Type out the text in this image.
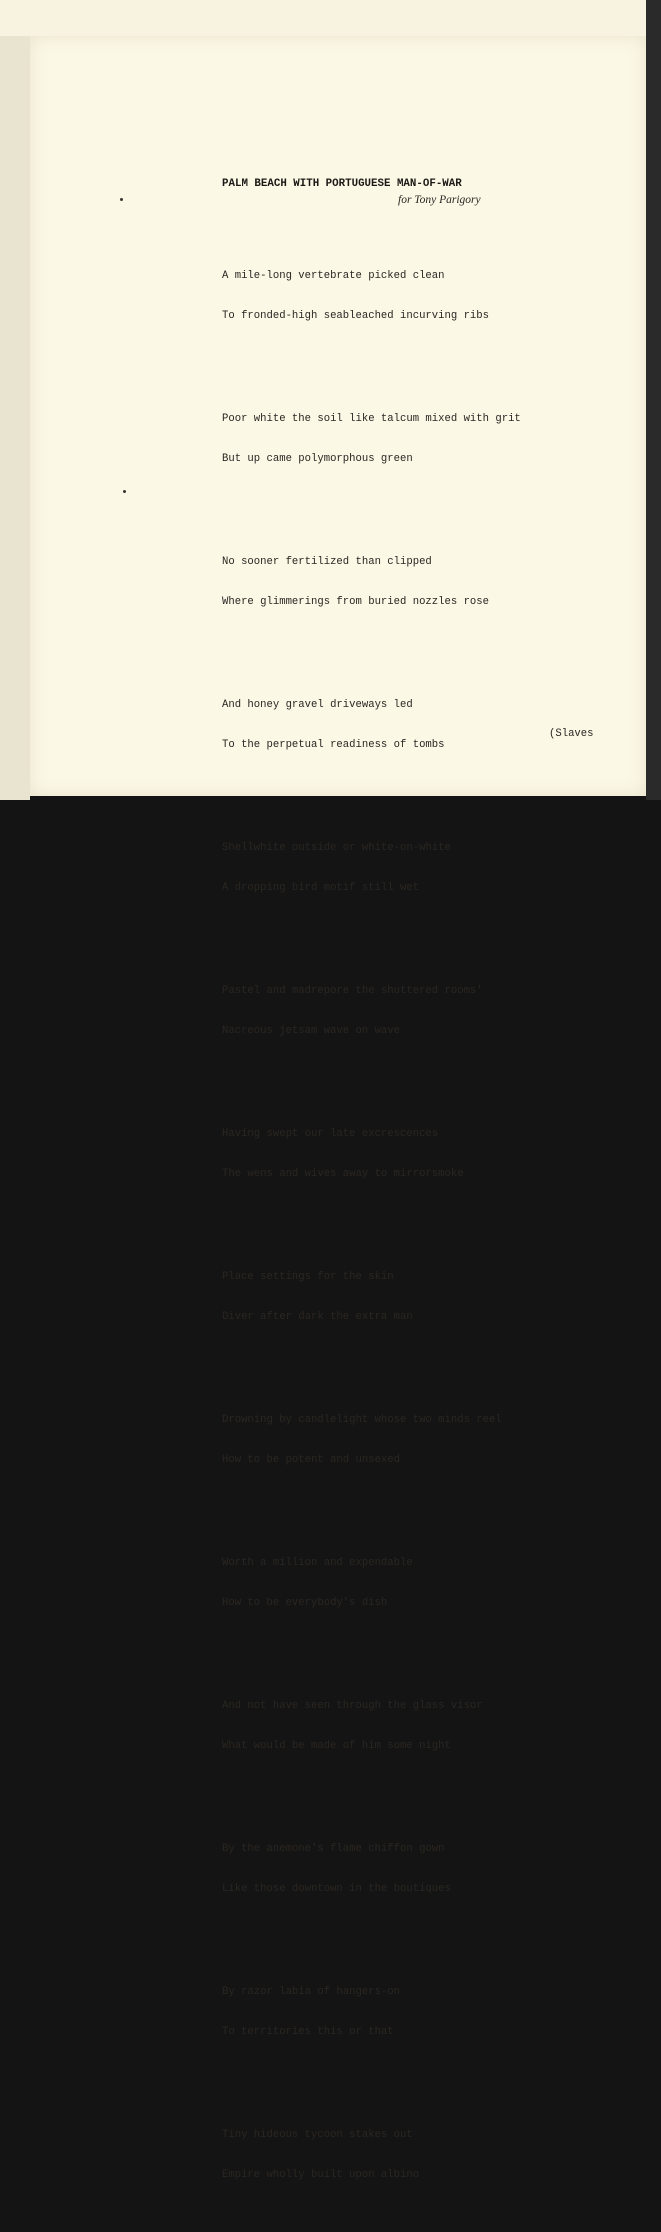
PALM BEACH WITH PORTUGUESE MAN-OF-WAR
for Tony Parigory

A mile-long vertebrate picked clean

To fronded-high seableached incurving ribs

Poor white the soil like talcum mixed with grit

But up came polymorphous green

No sooner fertilized than clipped

Where glimmerings from buried nozzles rose

And honey gravel driveways led

To the perpetual readiness of tombs

Shellwhite outside or white-on-white

A dropping bird motif still wet

Pastel and madrepore the shuttered rooms'

Nacreous jetsam wave on wave

Having swept our late excrescences

The wens and wives away to mirrorsmoke

Place settings for the skin

Diver after dark the extra man

Drowning by candlelight whose two minds reel

How to be potent and unsexed

Worth a million and expendable

How to be everybody's dish

And not have seen through the glass visor

What would be made of him some night

By the anemone's flame chiffon gown

Like those downtown in the boutiques

By razor labia of hangers-on

To territories this or that

Tiny hideous tycoon stakes out

Empire wholly built upon albino

(Slaves
